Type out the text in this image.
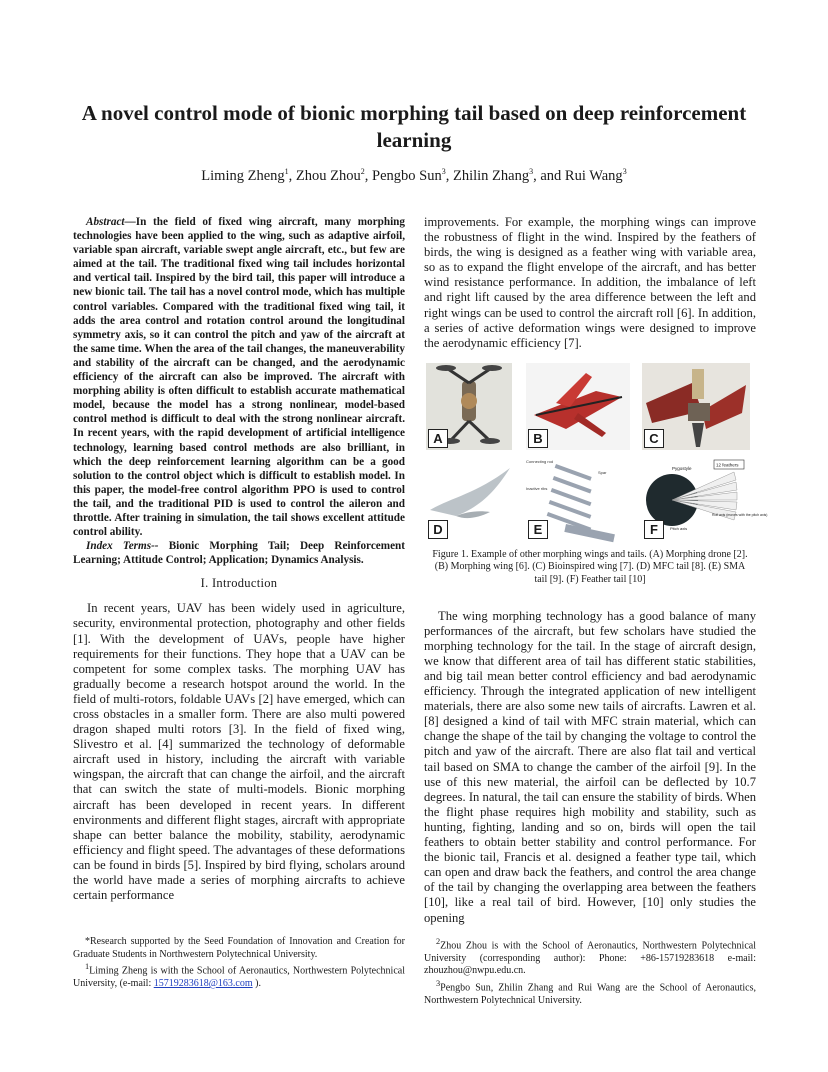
A novel control mode of bionic morphing tail based on deep reinforcement learning
Liming Zheng$^1$, Zhou Zhou$^2$, Pengbo Sun$^3$, Zhilin Zhang$^3$, and Rui Wang$^3$

Abstract—In the field of fixed wing aircraft, many morphing technologies have been applied to the wing, such as adaptive airfoil, variable span aircraft, variable swept angle aircraft, etc., but few are aimed at the tail. The traditional fixed wing tail includes horizontal and vertical tail. Inspired by the bird tail, this paper will introduce a new bionic tail. The tail has a novel control mode, which has multiple control variables. Compared with the traditional fixed wing tail, it adds the area control and rotation control around the longitudinal symmetry axis, so it can control the pitch and yaw of the aircraft at the same time. When the area of the tail changes, the maneuverability and stability of the aircraft can be changed, and the aerodynamic efficiency of the aircraft can also be improved. The aircraft with morphing ability is often difficult to establish accurate mathematical model, because the model has a strong nonlinear, model-based control method is difficult to deal with the strong nonlinear aircraft. In recent years, with the rapid development of artificial intelligence technology, learning based control methods are also brilliant, in which the deep reinforcement learning algorithm can be a good solution to the control object which is difficult to establish model. In this paper, the model-free control algorithm PPO is used to control the tail, and the traditional PID is used to control the aileron and throttle. After training in simulation, the tail shows excellent attitude control ability.

Index Terms-- Bionic Morphing Tail; Deep Reinforcement Learning; Attitude Control; Application; Dynamics Analysis.

I. Introduction

In recent years, UAV has been widely used in agriculture, security, environmental protection, photography and other fields [1]. With the development of UAVs, people have higher requirements for their functions. They hope that a UAV can be competent for some complex tasks. The morphing UAV has gradually become a research hotspot around the world. In the field of multi-rotors, foldable UAVs [2] have emerged, which can cross obstacles in a smaller form. There are also multi powered dragon shaped multi rotors [3]. In the field of fixed wing, Slivestro et al. [4] summarized the technology of deformable aircraft used in history, including the aircraft with variable wingspan, the aircraft that can change the airfoil, and the aircraft that can switch the state of multi-models. Bionic morphing aircraft has been developed in recent years. In different environments and different flight stages, aircraft with appropriate shape can better balance the mobility, stability, aerodynamic efficiency and flight speed. The advantages of these deformations can be found in birds [5]. Inspired by bird flying, scholars around the world have made a series of morphing aircrafts to achieve certain performance

improvements. For example, the morphing wings can improve the robustness of flight in the wind. Inspired by the feathers of birds, the wing is designed as a feather wing with variable area, so as to expand the flight envelope of the aircraft, and has better wind resistance performance. In addition, the imbalance of left and right lift caused by the area difference between the left and right wings can be used to control the aircraft roll [6]. In addition, a series of active deformation wings were designed to improve the aerodynamic efficiency [7].

A	B	C
D
Connecting rod
Spar
Inactive ribs
E
12 feathers
Pygostyle
Roll axis (moves with the pitch axis)
Pitch axis
F
Figure 1. Example of other morphing wings and tails. (A) Morphing drone [2]. (B) Morphing wing [6]. (C) Bioinspired wing [7]. (D) MFC tail [8]. (E) SMA tail [9]. (F) Feather tail [10]

The wing morphing technology has a good balance of many performances of the aircraft, but few scholars have studied the morphing technology for the tail. In the stage of aircraft design, we know that different area of tail has different static stabilities, and big tail mean better control efficiency and bad aerodynamic efficiency. Through the integrated application of new intelligent materials, there are also some new tails of aircrafts. Lawren et al. [8] designed a kind of tail with MFC strain material, which can change the shape of the tail by changing the voltage to control the pitch and yaw of the aircraft. There are also flat tail and vertical tail based on SMA to change the camber of the airfoil [9]. In the use of this new material, the airfoil can be deflected by 10.7 degrees. In natural, the tail can ensure the stability of birds. When the flight phase requires high mobility and stability, such as hunting, fighting, landing and so on, birds will open the tail feathers to obtain better stability and control performance. For the bionic tail, Francis et al. designed a feather type tail, which can open and draw back the feathers, and control the area change of the tail by changing the overlapping area between the feathers [10], like a real tail of bird. However, [10] only studies the opening

*Research supported by the Seed Foundation of Innovation and Creation for Graduate Students in Northwestern Polytechnical University.

$^1$Liming Zheng is with the School of Aeronautics, Northwestern Polytechnical University, (e-mail: 15719283618@163.com ).

$^2$Zhou Zhou is with the School of Aeronautics, Northwestern Polytechnical University (corresponding author): Phone: +86-15719283618 e-mail: zhouzhou@nwpu.edu.cn.

$^3$Pengbo Sun, Zhilin Zhang and Rui Wang are the School of Aeronautics, Northwestern Polytechnical University.
